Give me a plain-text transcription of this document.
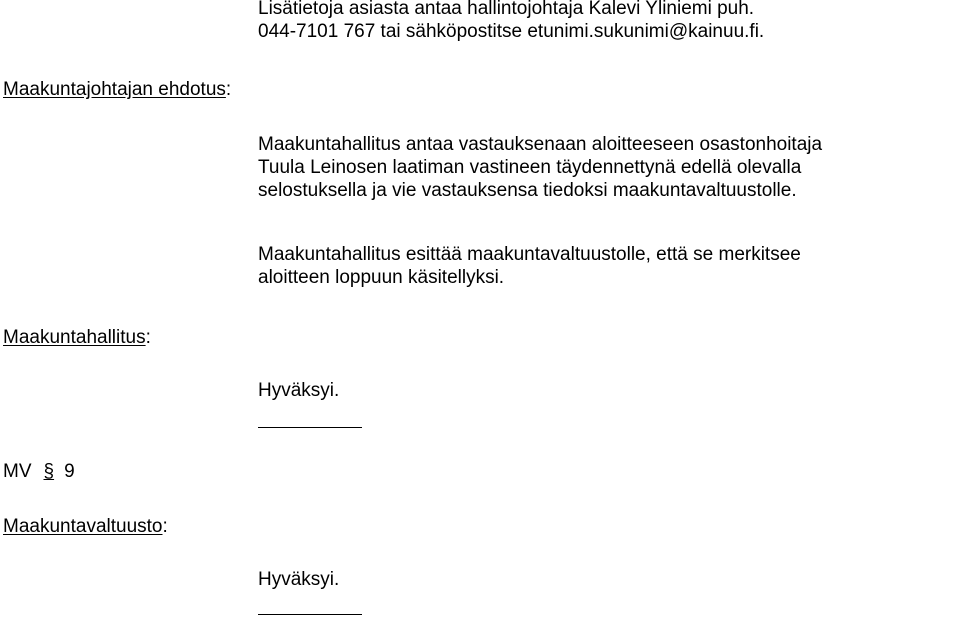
Lisätietoja asiasta antaa hallintojohtaja Kalevi Yliniemi puh.
044-7101 767 tai sähköpostitse etunimi.sukunimi@kainuu.fi.
Maakuntajohtajan ehdotus:
Maakuntahallitus antaa vastauksenaan aloitteeseen osastonhoitaja
Tuula Leinosen laatiman vastineen täydennettynä edellä olevalla
selostuksella ja vie vastauksensa tiedoksi maakuntavaltuustolle.
Maakuntahallitus esittää maakuntavaltuustolle, että se merkitsee
aloitteen loppuun käsitellyksi.
Maakuntahallitus:
Hyväksyi.
MV § 9
Maakuntavaltuusto:
Hyväksyi.
